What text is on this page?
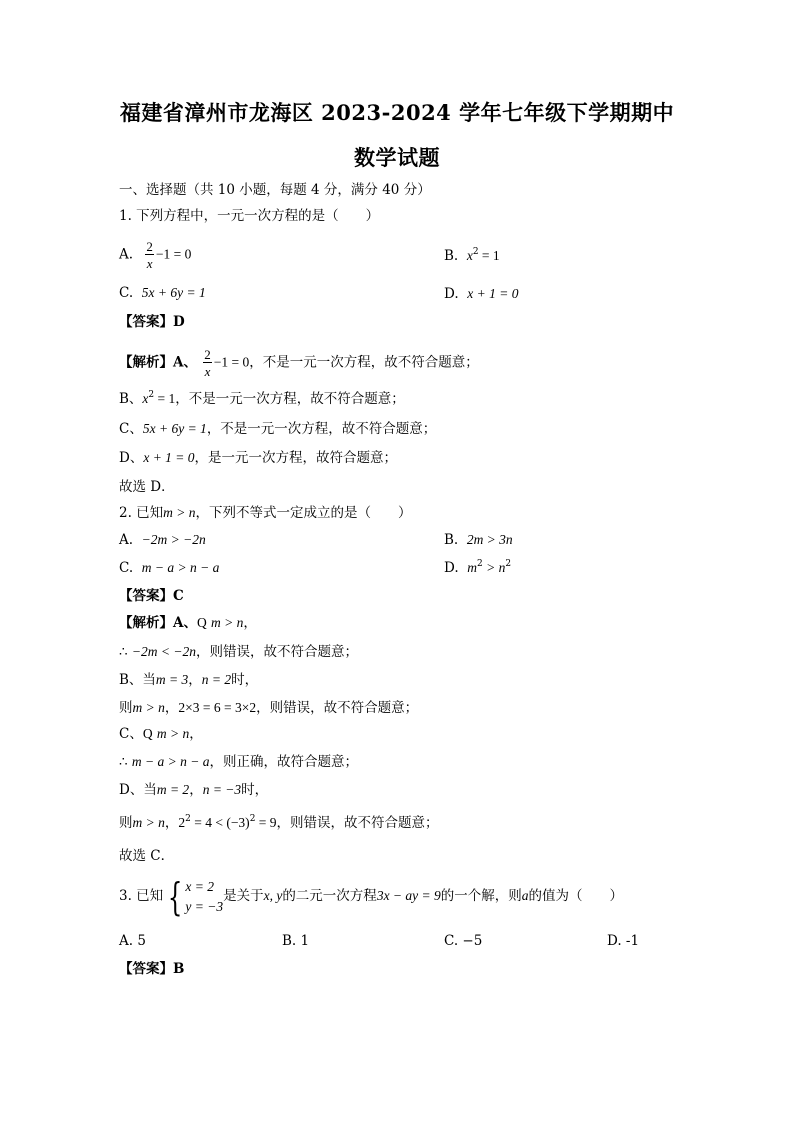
福建省漳州市龙海区 2023-2024 学年七年级下学期期中
数学试题
一、选择题（共 10 小题，每题 4 分，满分 40 分）
1. 下列方程中，一元一次方程的是（　　）
A. $\frac{2}{x} -1 = 0$	B. $x^2 = 1$
C. 5x + 6y = 1	D. x + 1 = 0
【答案】D
【解析】A、 $\frac{2}{x} -1 = 0$，不是一元一次方程，故不符合题意；
B、$x^2 = 1$，不是一元一次方程，故不符合题意；
C、5x + 6y = 1，不是一元一次方程，故不符合题意；
D、x + 1 = 0，是一元一次方程，故符合题意；
故选 D．
2. 已知m > n，下列不等式一定成立的是（　　）
A. −2m > −2n	B. 2m > 3n
C. m − a > n − a	D. $m^2 > n^2$
【答案】C
【解析】A、Q m > n，
∴ −2m < −2n，则错误，故不符合题意；
B、当m = 3，n = 2时，
则m > n，2×3 = 6 = 3×2，则错误，故不符合题意；
C、Q m > n，
∴ m − a > n − a，则正确，故符合题意；
D、当m = 2，n = −3时，
则m > n，$2^2 = 4 < (-3)^2 = 9$，则错误，故不符合题意；
故选 C．
3. 已知 { x = 2
y = −3
是关于x, y的二元一次方程3x − ay = 9的一个解，则a的值为（　　）
A. 5	B. 1	C. −5	D. -1
【答案】B
